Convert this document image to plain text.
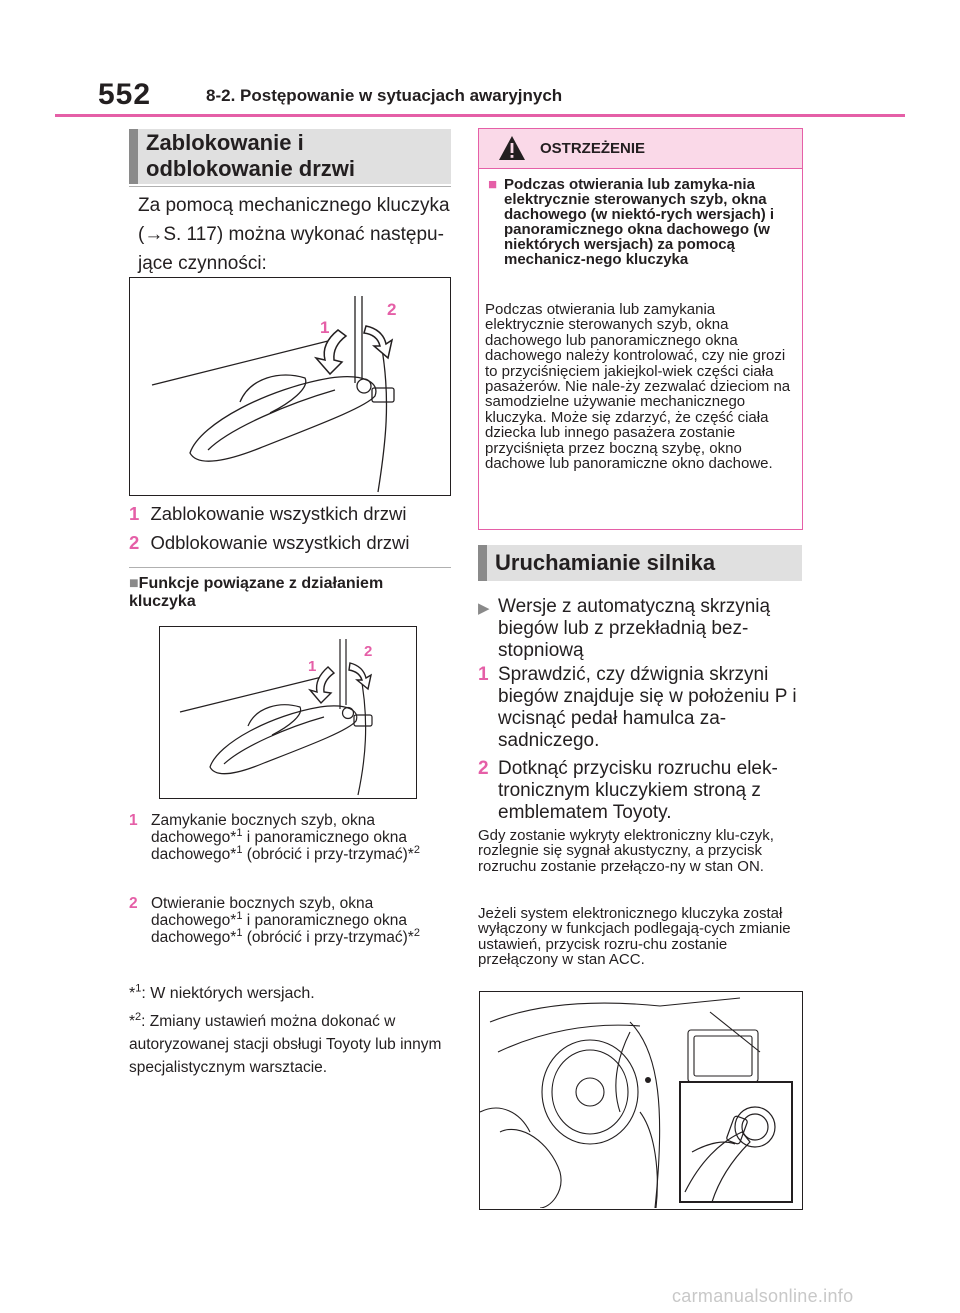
552	8-2. Postępowanie w sytuacjach awaryjnych
Zablokowanie i odblokowanie drzwi
Za pomocą mechanicznego kluczyka (→S. 117) można wykonać następu-jące czynności:
1
2
1 Zablokowanie wszystkich drzwi
2 Odblokowanie wszystkich drzwi
■Funkcje powiązane z działaniem kluczyka
1
2
1 Zamykanie bocznych szyb, okna dachowego*$^1$ i panoramicznego okna dachowego*$^1$ (obrócić i przy-trzymać)*$^2$
2 Otwieranie bocznych szyb, okna dachowego*$^1$ i panoramicznego okna dachowego*$^1$ (obrócić i przy-trzymać)*$^2$
*$^1$: W niektórych wersjach.
*$^2$: Zmiany ustawień można dokonać w autoryzowanej stacji obsługi Toyoty lub innym specjalistycznym warsztacie.
OSTRZEŻENIE
■ Podczas otwierania lub zamyka-nia elektrycznie sterowanych szyb, okna dachowego (w niektó-rych wersjach) i panoramicznego okna dachowego (w niektórych wersjach) za pomocą mechanicz-nego kluczyka
Podczas otwierania lub zamykania elektrycznie sterowanych szyb, okna dachowego lub panoramicznego okna dachowego należy kontrolować, czy nie grozi to przyciśnięciem jakiejkol-wiek części ciała pasażerów. Nie nale-ży zezwalać dzieciom na samodzielne używanie mechanicznego kluczyka. Może się zdarzyć, że część ciała dziecka lub innego pasażera zostanie przyciśnięta przez boczną szybę, okno dachowe lub panoramiczne okno dachowe.
Uruchamianie silnika
▶ Wersje z automatyczną skrzynią biegów lub z przekładnią bez-stopniową
1 Sprawdzić, czy dźwignia skrzyni biegów znajduje się w położeniu P i wcisnąć pedał hamulca za-sadniczego.
2 Dotknąć przycisku rozruchu elek-tronicznym kluczykiem stroną z emblematem Toyoty.
Gdy zostanie wykryty elektroniczny klu-czyk, rozlegnie się sygnał akustyczny, a przycisk rozruchu zostanie przełączo-ny w stan ON.
Jeżeli system elektronicznego kluczyka został wyłączony w funkcjach podlegają-cych zmianie ustawień, przycisk rozru-chu zostanie przełączony w stan ACC.
carmanualsonline.info
